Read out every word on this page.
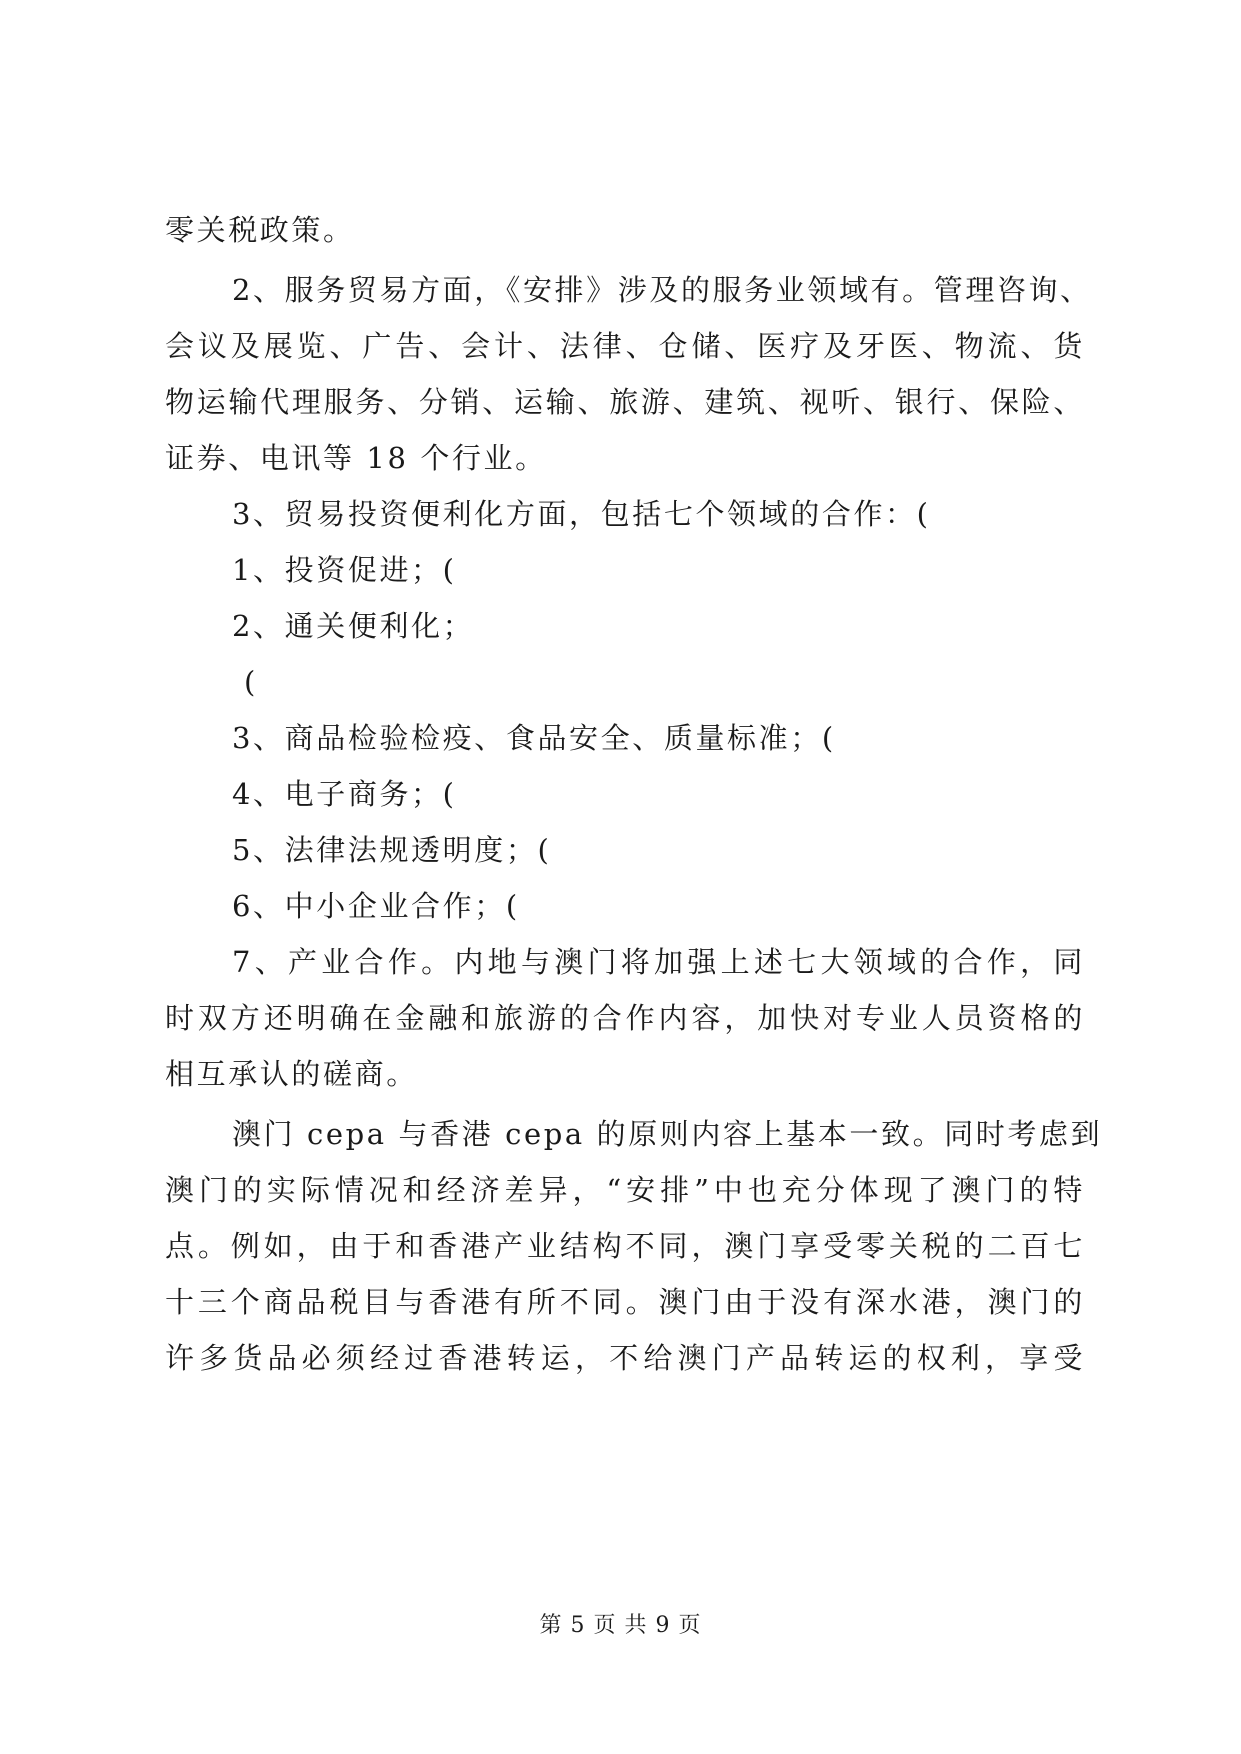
零关税政策。
2、服务贸易方面，《安排》涉及的服务业领域有。管理咨询、
会议及展览、广告、会计、法律、仓储、医疗及牙医、物流、货
物运输代理服务、分销、运输、旅游、建筑、视听、银行、保险、
证券、电讯等 18 个行业。
3、贸易投资便利化方面，包括七个领域的合作：(
1、投资促进；(
2、通关便利化；
(
3、商品检验检疫、食品安全、质量标准；(
4、电子商务；(
5、法律法规透明度；(
6、中小企业合作；(
7、产业合作。内地与澳门将加强上述七大领域的合作，同
时双方还明确在金融和旅游的合作内容，加快对专业人员资格的
相互承认的磋商。
澳门 cepa 与香港 cepa 的原则内容上基本一致。同时考虑到
澳门的实际情况和经济差异，“安排”中也充分体现了澳门的特
点。例如，由于和香港产业结构不同，澳门享受零关税的二百七
十三个商品税目与香港有所不同。澳门由于没有深水港，澳门的
许多货品必须经过香港转运，不给澳门产品转运的权利，享受
第 5 页 共 9 页
